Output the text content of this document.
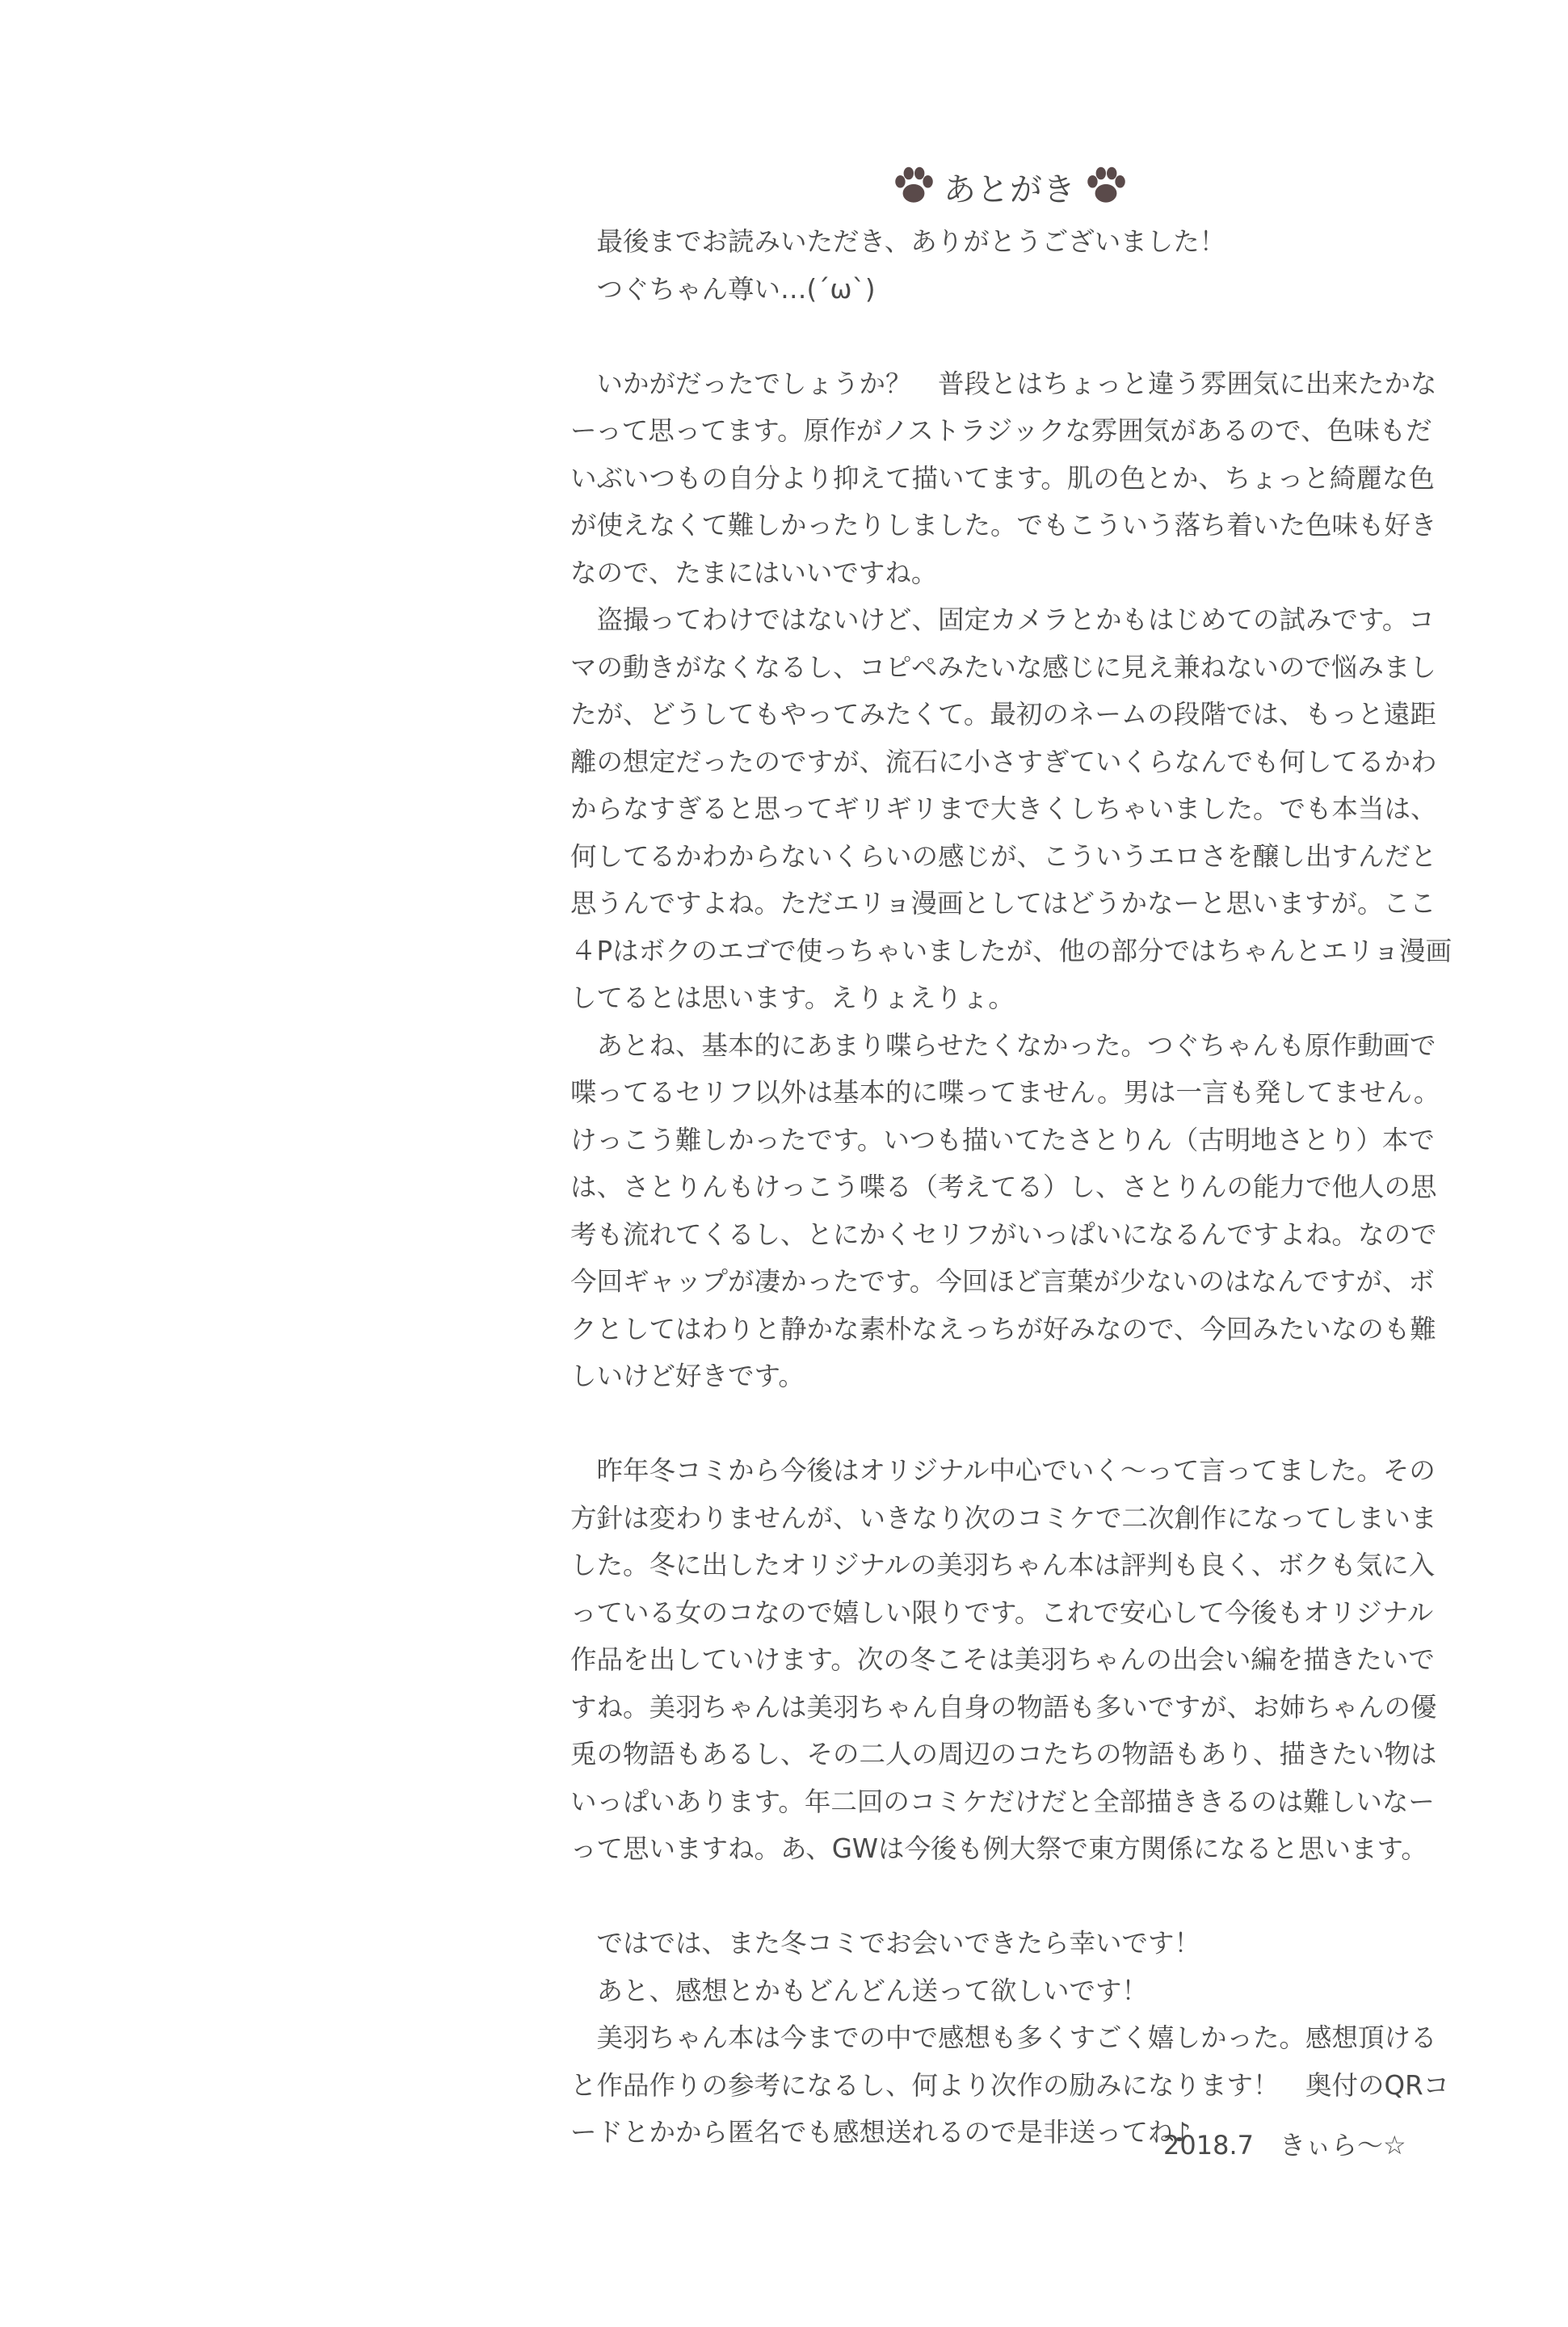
あとがき
　最後までお読みいただき、ありがとうございました！
　つぐちゃん尊い…(´ω`)
　いかがだったでしょうか？　普段とはちょっと違う雰囲気に出来たかな
ーって思ってます。原作がノストラジックな雰囲気があるので、色味もだ
いぶいつもの自分より抑えて描いてます。肌の色とか、ちょっと綺麗な色
が使えなくて難しかったりしました。でもこういう落ち着いた色味も好き
なので、たまにはいいですね。
　盗撮ってわけではないけど、固定カメラとかもはじめての試みです。コ
マの動きがなくなるし、コピペみたいな感じに見え兼ねないので悩みまし
たが、どうしてもやってみたくて。最初のネームの段階では、もっと遠距
離の想定だったのですが、流石に小さすぎていくらなんでも何してるかわ
からなすぎると思ってギリギリまで大きくしちゃいました。でも本当は、
何してるかわからないくらいの感じが、こういうエロさを醸し出すんだと
思うんですよね。ただエリョ漫画としてはどうかなーと思いますが。ここ
４Pはボクのエゴで使っちゃいましたが、他の部分ではちゃんとエリョ漫画
してるとは思います。えりょえりょ。
　あとね、基本的にあまり喋らせたくなかった。つぐちゃんも原作動画で
喋ってるセリフ以外は基本的に喋ってません。男は一言も発してません。
けっこう難しかったです。いつも描いてたさとりん（古明地さとり）本で
は、さとりんもけっこう喋る（考えてる）し、さとりんの能力で他人の思
考も流れてくるし、とにかくセリフがいっぱいになるんですよね。なので
今回ギャップが凄かったです。今回ほど言葉が少ないのはなんですが、ボ
クとしてはわりと静かな素朴なえっちが好みなので、今回みたいなのも難
しいけど好きです。
　昨年冬コミから今後はオリジナル中心でいく～って言ってました。その
方針は変わりませんが、いきなり次のコミケで二次創作になってしまいま
した。冬に出したオリジナルの美羽ちゃん本は評判も良く、ボクも気に入
っている女のコなので嬉しい限りです。これで安心して今後もオリジナル
作品を出していけます。次の冬こそは美羽ちゃんの出会い編を描きたいで
すね。美羽ちゃんは美羽ちゃん自身の物語も多いですが、お姉ちゃんの優
兎の物語もあるし、その二人の周辺のコたちの物語もあり、描きたい物は
いっぱいあります。年二回のコミケだけだと全部描ききるのは難しいなー
って思いますね。あ、GWは今後も例大祭で東方関係になると思います。
　ではでは、また冬コミでお会いできたら幸いです！
　あと、感想とかもどんどん送って欲しいです！
　美羽ちゃん本は今までの中で感想も多くすごく嬉しかった。感想頂ける
と作品作りの参考になるし、何より次作の励みになります！　奥付のQRコ
ードとかから匿名でも感想送れるので是非送ってね♪
2018.7　きぃら〜☆
